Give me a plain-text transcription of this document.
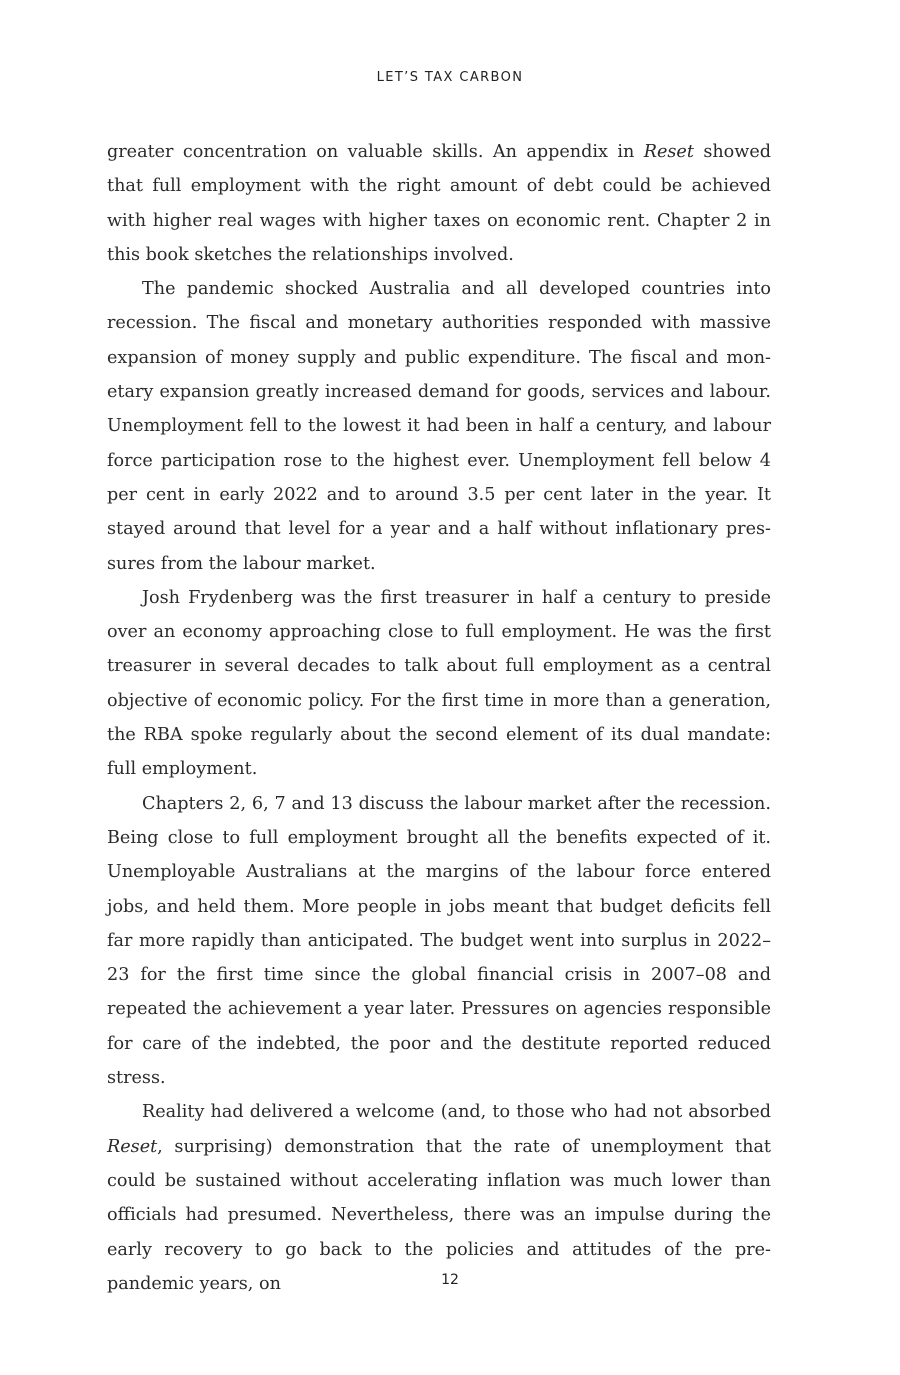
LET’S TAX CARBON

greater concentration on valuable skills. An appendix in Reset showed that full employment with the right amount of debt could be achieved with higher real wages with higher taxes on economic rent. Chapter 2 in this book sketches the relationships involved.

The pandemic shocked Australia and all developed countries into recession. The fiscal and monetary authorities responded with massive expansion of money supply and public expenditure. The fiscal and monetary expansion greatly increased demand for goods, services and labour. Unemployment fell to the lowest it had been in half a century, and labour force participation rose to the highest ever. Unemployment fell below 4 per cent in early 2022 and to around 3.5 per cent later in the year. It stayed around that level for a year and a half without inflationary pressures from the labour market.

Josh Frydenberg was the first treasurer in half a century to preside over an economy approaching close to full employment. He was the first treasurer in several decades to talk about full employment as a central objective of economic policy. For the first time in more than a generation, the RBA spoke regularly about the second element of its dual mandate: full employment.

Chapters 2, 6, 7 and 13 discuss the labour market after the recession. Being close to full employment brought all the benefits expected of it. Unemployable Australians at the margins of the labour force entered jobs, and held them. More people in jobs meant that budget deficits fell far more rapidly than anticipated. The budget went into surplus in 2022–23 for the first time since the global financial crisis in 2007–08 and repeated the achievement a year later. Pressures on agencies responsible for care of the indebted, the poor and the destitute reported reduced stress.

Reality had delivered a welcome (and, to those who had not absorbed Reset, surprising) demonstration that the rate of unemployment that could be sustained without accelerating inflation was much lower than officials had presumed. Nevertheless, there was an impulse during the early recovery to go back to the policies and attitudes of the pre-pandemic years, on	12
